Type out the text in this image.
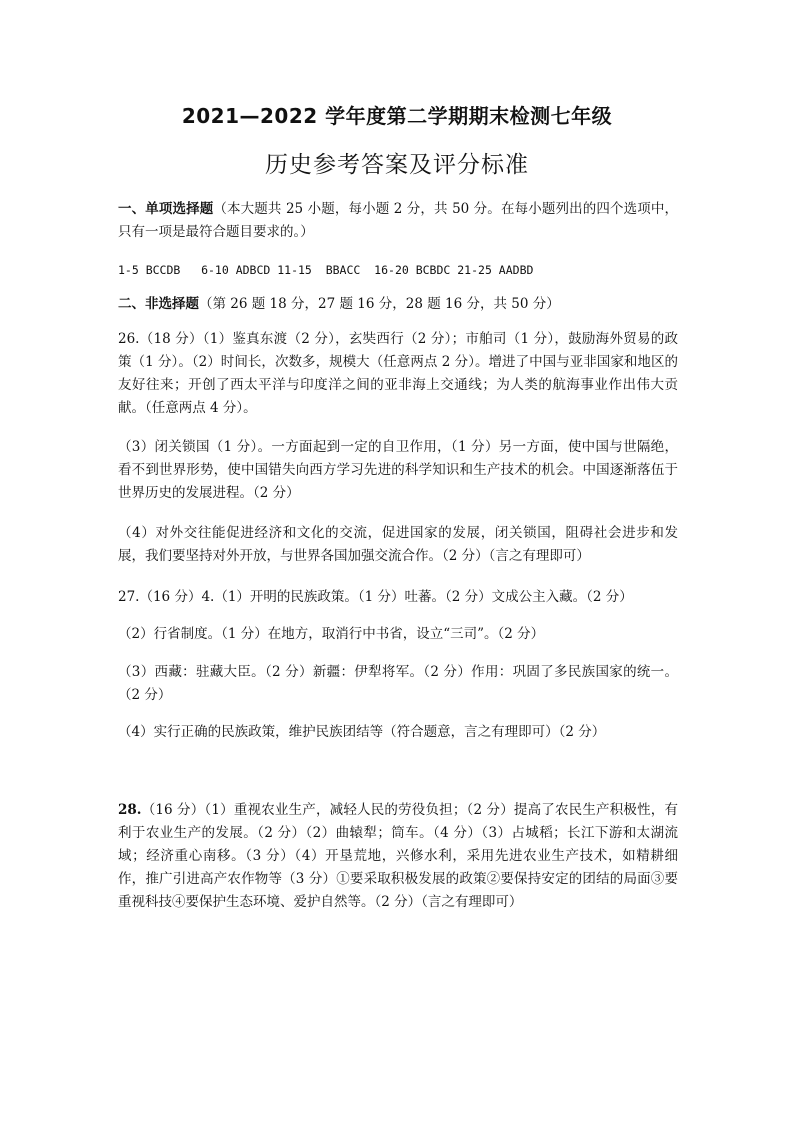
2021—2022 学年度第二学期期末检测七年级
历史参考答案及评分标准

一、单项选择题（本大题共 25 小题，每小题 2 分，共 50 分。在每小题列出的四个选项中，只有一项是最符合题目要求的。）

1-5 BCCDB   6-10 ADBCD 11-15  BBACC  16-20 BCBDC 21-25 AADBD

二、非选择题（第 26 题 18 分，27 题 16 分，28 题 16 分，共 50 分）

26.（18 分）（1）鉴真东渡（2 分），玄奘西行（2 分）；市舶司（1 分），鼓励海外贸易的政策（1 分）。（2）时间长，次数多，规模大（任意两点 2 分）。增进了中国与亚非国家和地区的友好往来；开创了西太平洋与印度洋之间的亚非海上交通线；为人类的航海事业作出伟大贡献。（任意两点 4 分）。

（3）闭关锁国（1 分）。一方面起到一定的自卫作用，（1 分）另一方面，使中国与世隔绝，看不到世界形势，使中国错失向西方学习先进的科学知识和生产技术的机会。中国逐渐落伍于世界历史的发展进程。（2 分）

（4）对外交往能促进经济和文化的交流，促进国家的发展，闭关锁国，阻碍社会进步和发展，我们要坚持对外开放，与世界各国加强交流合作。（2 分）（言之有理即可）

27.（16 分）4.（1）开明的民族政策。（1 分）吐蕃。（2 分）文成公主入藏。（2 分）

（2）行省制度。（1 分）在地方，取消行中书省，设立“三司”。（2 分）

（3）西藏：驻藏大臣。（2 分）新疆：伊犁将军。（2 分）作用：巩固了多民族国家的统一。（2 分）

（4）实行正确的民族政策，维护民族团结等（符合题意，言之有理即可）（2 分）

28.（16 分）（1）重视农业生产，减轻人民的劳役负担；（2 分）提高了农民生产积极性，有利于农业生产的发展。（2 分）（2）曲辕犁；筒车。（4 分）（3）占城稻；长江下游和太湖流域；经济重心南移。（3 分）（4）开垦荒地，兴修水利，采用先进农业生产技术，如精耕细作，推广引进高产农作物等（3 分）①要采取积极发展的政策②要保持安定的团结的局面③要重视科技④要保护生态环境、爱护自然等。（2 分）（言之有理即可）
